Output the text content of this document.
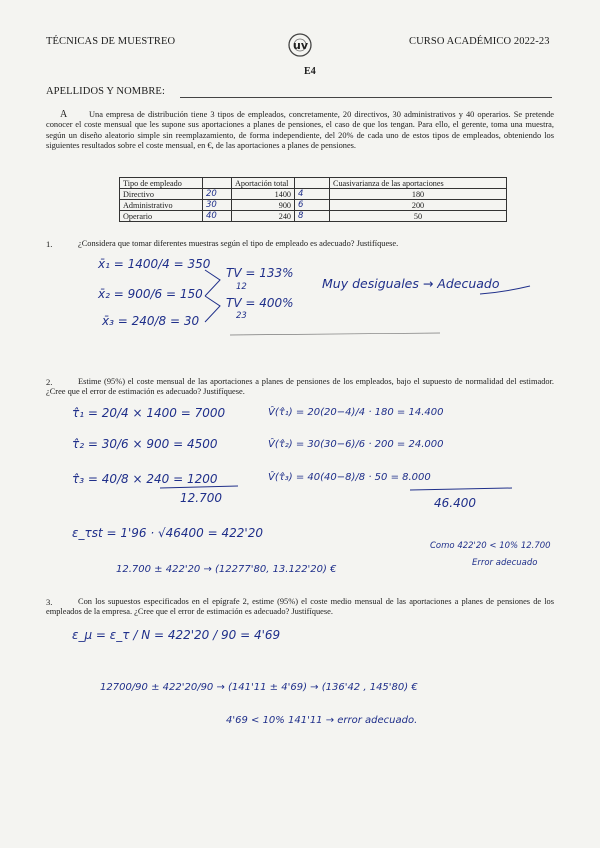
TÉCNICAS DE MUESTREO	CURSO ACADÉMICO 2022-23
uv
E4
APELLIDOS Y NOMBRE:
A	Una empresa de distribución tiene 3 tipos de empleados, concretamente, 20 directivos, 30 administrativos y 40 operarios. Se pretende conocer el coste mensual que les supone sus aportaciones a planes de pensiones, el caso de que los tengan. Para ello, el gerente, toma una muestra, según un diseño aleatorio simple sin reemplazamiento, de forma independiente, del 20% de cada uno de estos tipos de empleados, obteniendo los siguientes resultados sobre el coste mensual, en €, de las aportaciones a planes de pensiones.
Tipo de empleado		Aportación total		Cuasivarianza de las aportaciones
Directivo	20	1400	4	180
Administrativo	30	900	6	200
Operario	40	240	8	50
1.	¿Considera que tomar diferentes muestras según el tipo de empleado es adecuado? Justifíquese.
x̄₁ = 1400/4 = 350
x̄₂ = 900/6 = 150
x̄₃ = 240/8 = 30
TV = 133%
12
TV = 400%
23
Muy desiguales → Adecuado
2.	Estime (95%) el coste mensual de las aportaciones a planes de pensiones de los empleados, bajo el supuesto de normalidad del estimador. ¿Cree que el error de estimación es adecuado? Justifíquese.
τ̂₁ = 20/4 × 1400 = 7000
τ̂₂ = 30/6 × 900 = 4500
τ̂₃ = 40/8 × 240 = 1200
12.700
V̂(τ̂₁) = 20(20−4)/4 · 180 = 14.400
V̂(τ̂₂) = 30(30−6)/6 · 200 = 24.000
V̂(τ̂₃) = 40(40−8)/8 · 50 = 8.000
46.400
ε_τst = 1'96 · √46400 = 422'20
Como 422'20 < 10% 12.700
Error adecuado
12.700 ± 422'20 → (12277'80, 13.122'20) €
3.	Con los supuestos especificados en el epígrafe 2, estime (95%) el coste medio mensual de las aportaciones a planes de pensiones de los empleados de la empresa. ¿Cree que el error de estimación es adecuado? Justifíquese.
ε_μ = ε_τ / N = 422'20 / 90 = 4'69
12700/90 ± 422'20/90 → (141'11 ± 4'69) → (136'42 , 145'80) €
4'69 < 10% 141'11 → error adecuado.
